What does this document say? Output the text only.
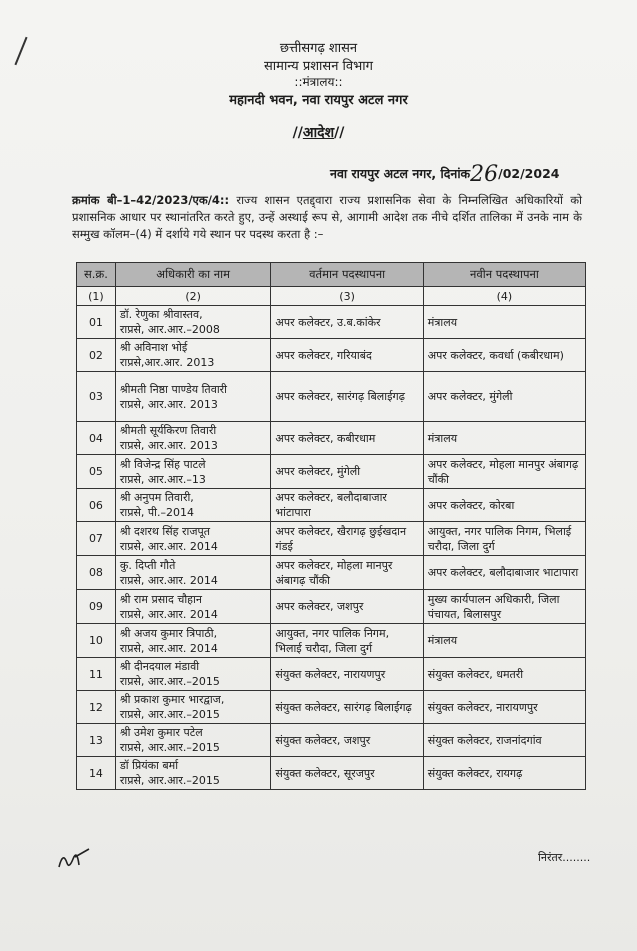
छत्तीसगढ़ शासन
सामान्य प्रशासन विभाग
::मंत्रालय::
महानदी भवन, नवा रायपुर अटल नगर
//आदेश//
नवा रायपुर अटल नगर, दिनांक26/02/2024
क्रमांक बी–1–42/2023/एक/4:: राज्य शासन एतद्द्वारा राज्य प्रशासनिक सेवा के निम्नलिखित अधिकारियों को प्रशासनिक आधार पर स्थानांतरित करते हुए, उन्हें अस्थाई रूप से, आगामी आदेश तक नीचे दर्शित तालिका में उनके नाम के सम्मुख कॉलम–(4) में दर्शाये गये स्थान पर पदस्थ करता है :–
स.क्र.	अधिकारी का नाम	वर्तमान पदस्थापना	नवीन पदस्थापना
(1)	(2)	(3)	(4)
01	डॉ. रेणुका श्रीवास्तव,
राप्रसे, आर.आर.–2008	अपर कलेक्टर, उ.ब.कांकेर	मंत्रालय
02	श्री अविनाश भोई
राप्रसे,आर.आर. 2013	अपर कलेक्टर, गरियाबंद	अपर कलेक्टर, कवर्धा (कबीरधाम)
03	श्रीमती निष्ठा पाण्डेय तिवारी
राप्रसे, आर.आर. 2013	अपर कलेक्टर, सारंगढ़ बिलाईगढ़	अपर कलेक्टर, मुंगेली
04	श्रीमती सूर्यकिरण तिवारी
राप्रसे, आर.आर. 2013	अपर कलेक्टर, कबीरधाम	मंत्रालय
05	श्री विजेन्द्र सिंह पाटले
राप्रसे, आर.आर.–13	अपर कलेक्टर, मुंगेली	अपर कलेक्टर, मोहला मानपुर अंबागढ़ चौंकी
06	श्री अनुपम तिवारी,
राप्रसे, पी.–2014	अपर कलेक्टर, बलौदाबाजार भांटापारा	अपर कलेक्टर, कोरबा
07	श्री दशरथ सिंह राजपूत
राप्रसे, आर.आर. 2014	अपर कलेक्टर, खैरागढ़ छुईखदान गंडई	आयुक्त, नगर पालिक निगम, भिलाई चरौदा, जिला दुर्ग
08	कु. दिप्ती गौते
राप्रसे, आर.आर. 2014	अपर कलेक्टर, मोहला मानपुर अंबागढ़ चौंकी	अपर कलेक्टर, बलौदाबाजार भाटापारा
09	श्री राम प्रसाद चौहान
राप्रसे, आर.आर. 2014	अपर कलेक्टर, जशपुर	मुख्य कार्यपालन अधिकारी, जिला पंचायत, बिलासपुर
10	श्री अजय कुमार त्रिपाठी,
राप्रसे, आर.आर. 2014	आयुक्त, नगर पालिक निगम, भिलाई चरौदा, जिला दुर्ग	मंत्रालय
11	श्री दीनदयाल मंडावी
राप्रसे, आर.आर.–2015	संयुक्त कलेक्टर, नारायणपुर	संयुक्त कलेक्टर, धमतरी
12	श्री प्रकाश कुमार भारद्वाज,
राप्रसे, आर.आर.–2015	संयुक्त कलेक्टर, सारंगढ़ बिलाईगढ़	संयुक्त कलेक्टर, नारायणपुर
13	श्री उमेश कुमार पटेल
राप्रसे, आर.आर.–2015	संयुक्त कलेक्टर, जशपुर	संयुक्त कलेक्टर, राजनांदगांव
14	डॉ प्रियंका बर्मा
राप्रसे, आर.आर.–2015	संयुक्त कलेक्टर, सूरजपुर	संयुक्त कलेक्टर, रायगढ़
निरंतर........
